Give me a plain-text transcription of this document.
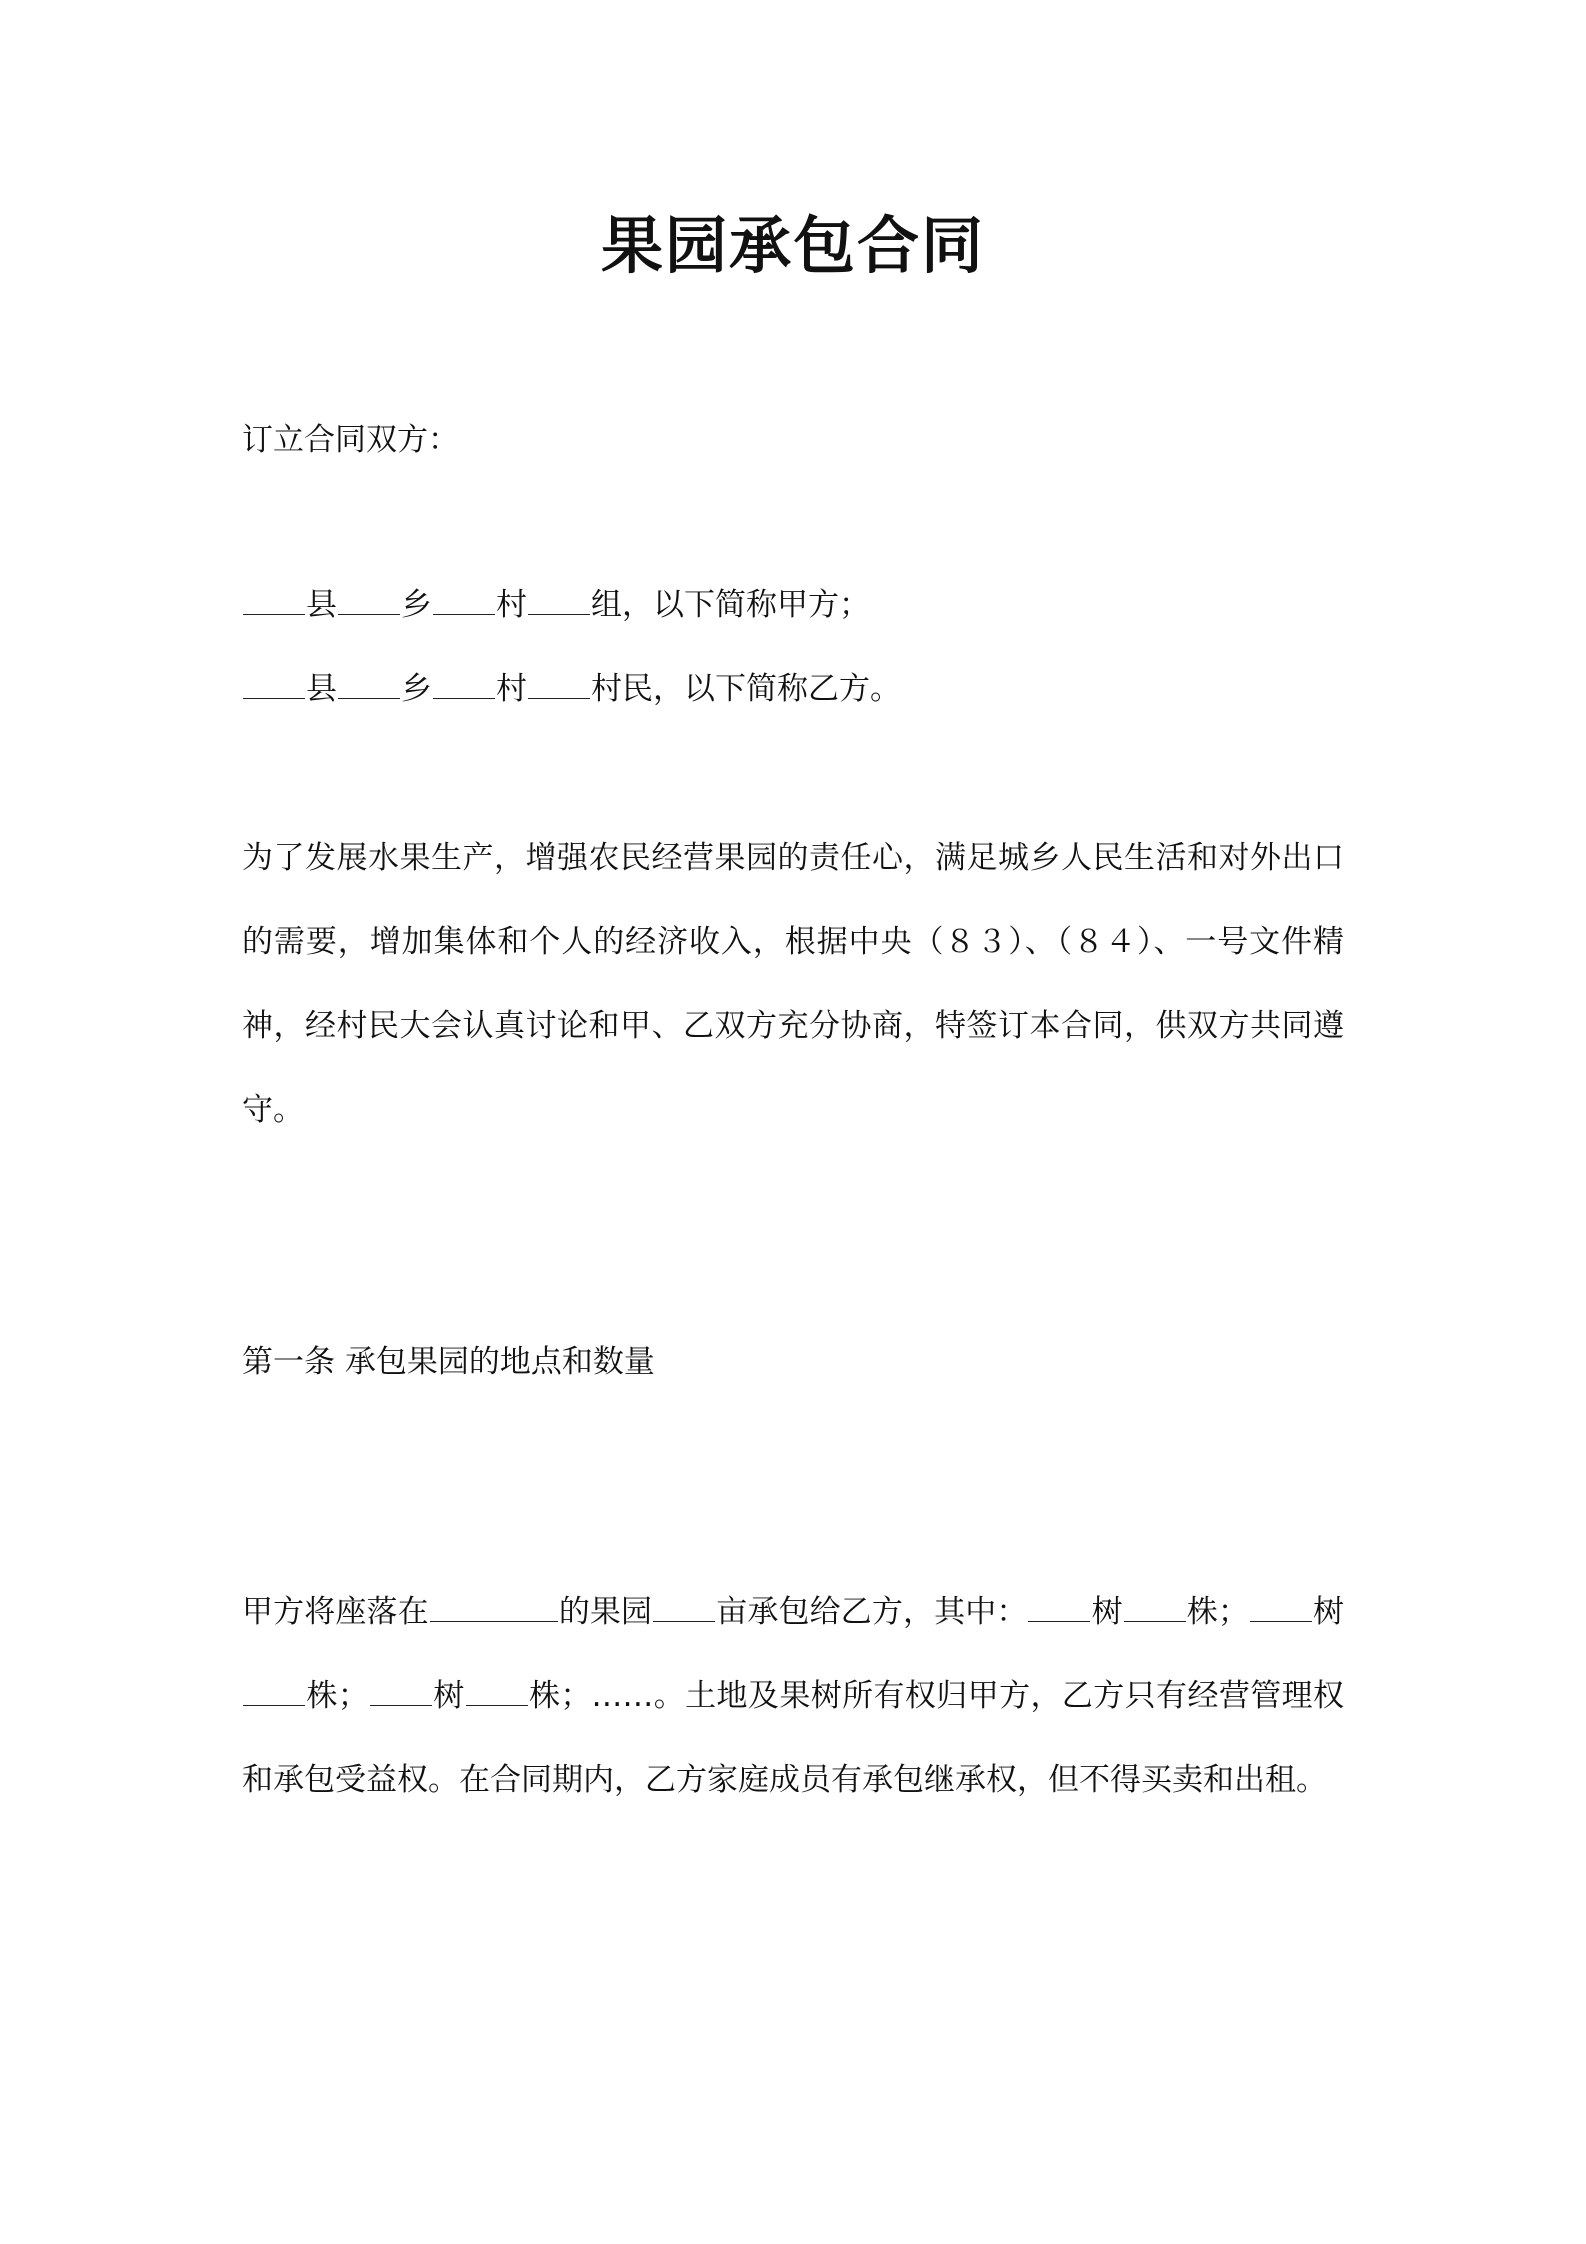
果园承包合同
订立合同双方：
县 乡 村 组，以下简称甲方；
县 乡 村 村民，以下简称乙方。
为了发展水果生产，增强农民经营果园的责任心，满足城乡人民生活和对外出口的需要，增加集体和个人的经济收入，根据中央（８３）、（８４）、一号文件精神，经村民大会认真讨论和甲、乙双方充分协商，特签订本合同，供双方共同遵守。
第一条 承包果园的地点和数量
甲方将座落在	的果园 亩承包给乙方，其中： 树 株； 树株； 树 株；……。土地及果树所有权归甲方，乙方只有经营管理权和承包受益权。在合同期内，乙方家庭成员有承包继承权，但不得买卖和出租。
